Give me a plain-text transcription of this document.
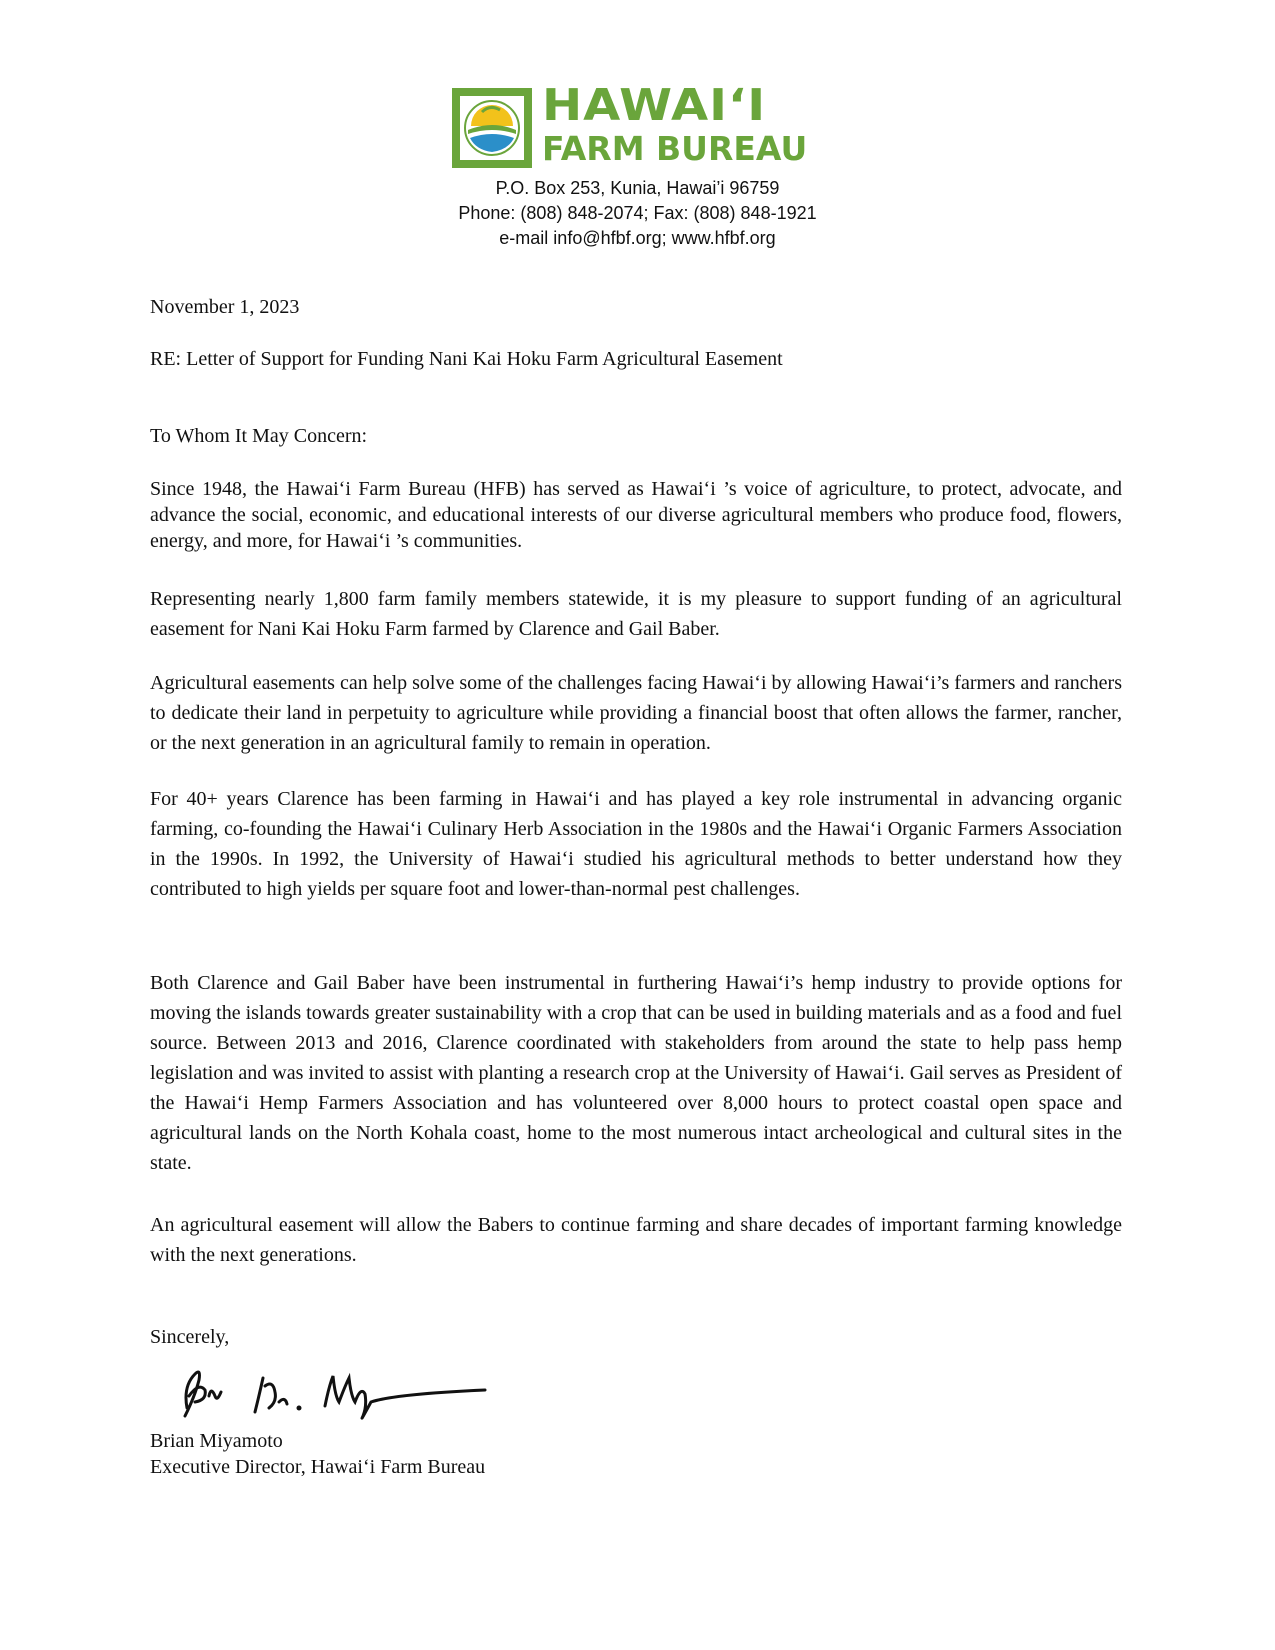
HAWAIʻI
FARM BUREAU
P.O. Box 253, Kunia, Hawai’i 96759
Phone: (808) 848-2074; Fax: (808) 848-1921
e-mail info@hfbf.org; www.hfbf.org

November 1, 2023

RE: Letter of Support for Funding Nani Kai Hoku Farm Agricultural Easement

To Whom It May Concern:

Since 1948, the Hawaiʻi Farm Bureau (HFB) has served as Hawaiʻi ’s voice of agriculture, to protect, advocate, and advance the social, economic, and educational interests of our diverse agricultural members who produce food, flowers, energy, and more, for Hawaiʻi ’s communities.

Representing nearly 1,800 farm family members statewide, it is my pleasure to support funding of an agricultural easement for Nani Kai Hoku Farm farmed by Clarence and Gail Baber.

Agricultural easements can help solve some of the challenges facing Hawaiʻi by allowing Hawaiʻi’s farmers and ranchers to dedicate their land in perpetuity to agriculture while providing a financial boost that often allows the farmer, rancher, or the next generation in an agricultural family to remain in operation.

For 40+ years Clarence has been farming in Hawaiʻi and has played a key role instrumental in advancing organic farming, co-founding the Hawaiʻi Culinary Herb Association in the 1980s and the Hawaiʻi Organic Farmers Association in the 1990s. In 1992, the University of Hawaiʻi studied his agricultural methods to better understand how they contributed to high yields per square foot and lower-than-normal pest challenges.

Both Clarence and Gail Baber have been instrumental in furthering Hawaiʻi’s hemp industry to provide options for moving the islands towards greater sustainability with a crop that can be used in building materials and as a food and fuel source. Between 2013 and 2016, Clarence coordinated with stakeholders from around the state to help pass hemp legislation and was invited to assist with planting a research crop at the University of Hawaiʻi. Gail serves as President of the Hawaiʻi Hemp Farmers Association and has volunteered over 8,000 hours to protect coastal open space and agricultural lands on the North Kohala coast, home to the most numerous intact archeological and cultural sites in the state.

An agricultural easement will allow the Babers to continue farming and share decades of important farming knowledge with the next generations.

Sincerely,

Brian Miyamoto

Executive Director, Hawaiʻi Farm Bureau
